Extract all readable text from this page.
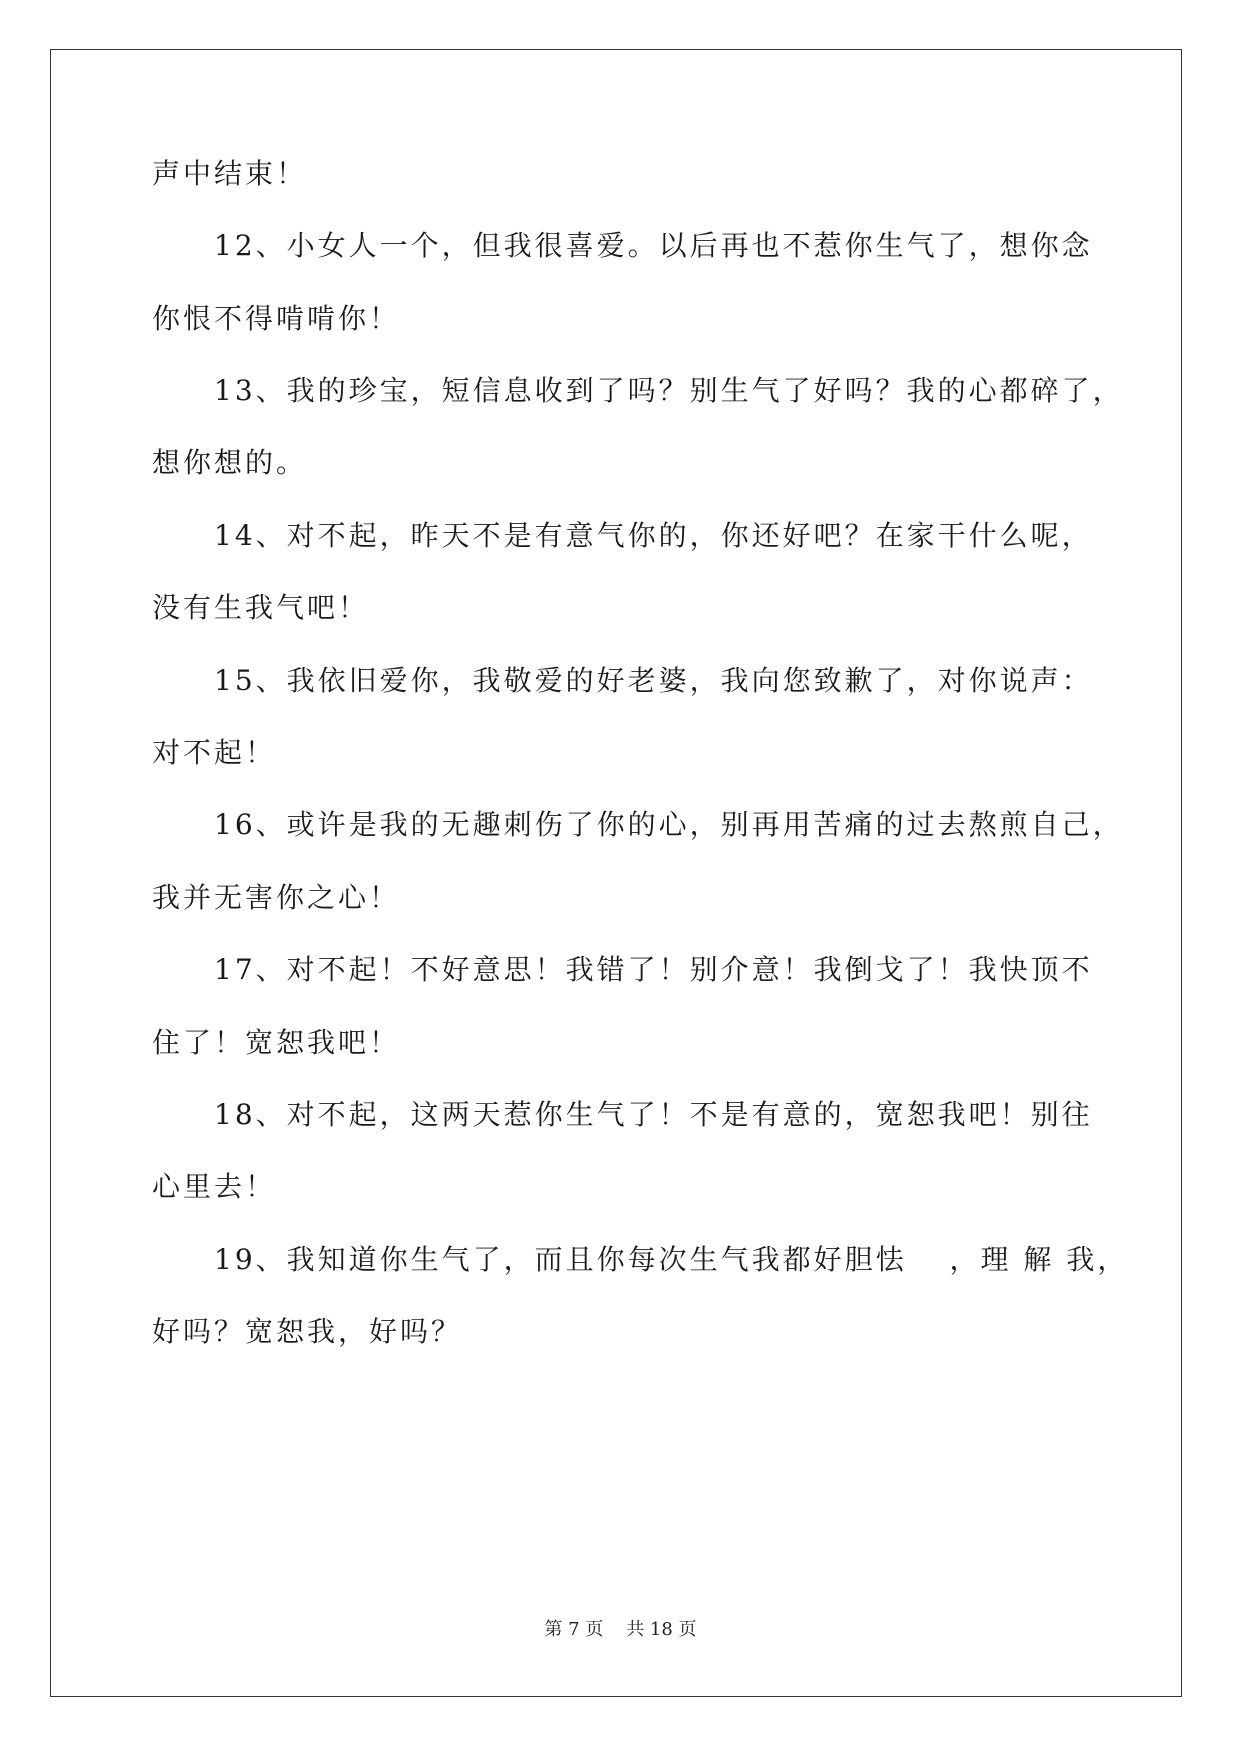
声中结束！
12、小女人一个，但我很喜爱。以后再也不惹你生气了，想你念
你恨不得啃啃你！
13、我的珍宝，短信息收到了吗？别生气了好吗？我的心都碎了，
想你想的。
14、对不起，昨天不是有意气你的，你还好吧？在家干什么呢，
没有生我气吧！
15、我依旧爱你，我敬爱的好老婆，我向您致歉了，对你说声：
对不起！
16、或许是我的无趣刺伤了你的心，别再用苦痛的过去熬煎自己，
我并无害你之心！
17、对不起！不好意思！我错了！别介意！我倒戈了！我快顶不
住了！宽恕我吧！
18、对不起，这两天惹你生气了！不是有意的，宽恕我吧！别往
心里去！
19、我知道你生气了，而且你每次生气我都好胆怯　 ，理 解 我，
好吗？宽恕我，好吗？
第 7 页    共 18 页
